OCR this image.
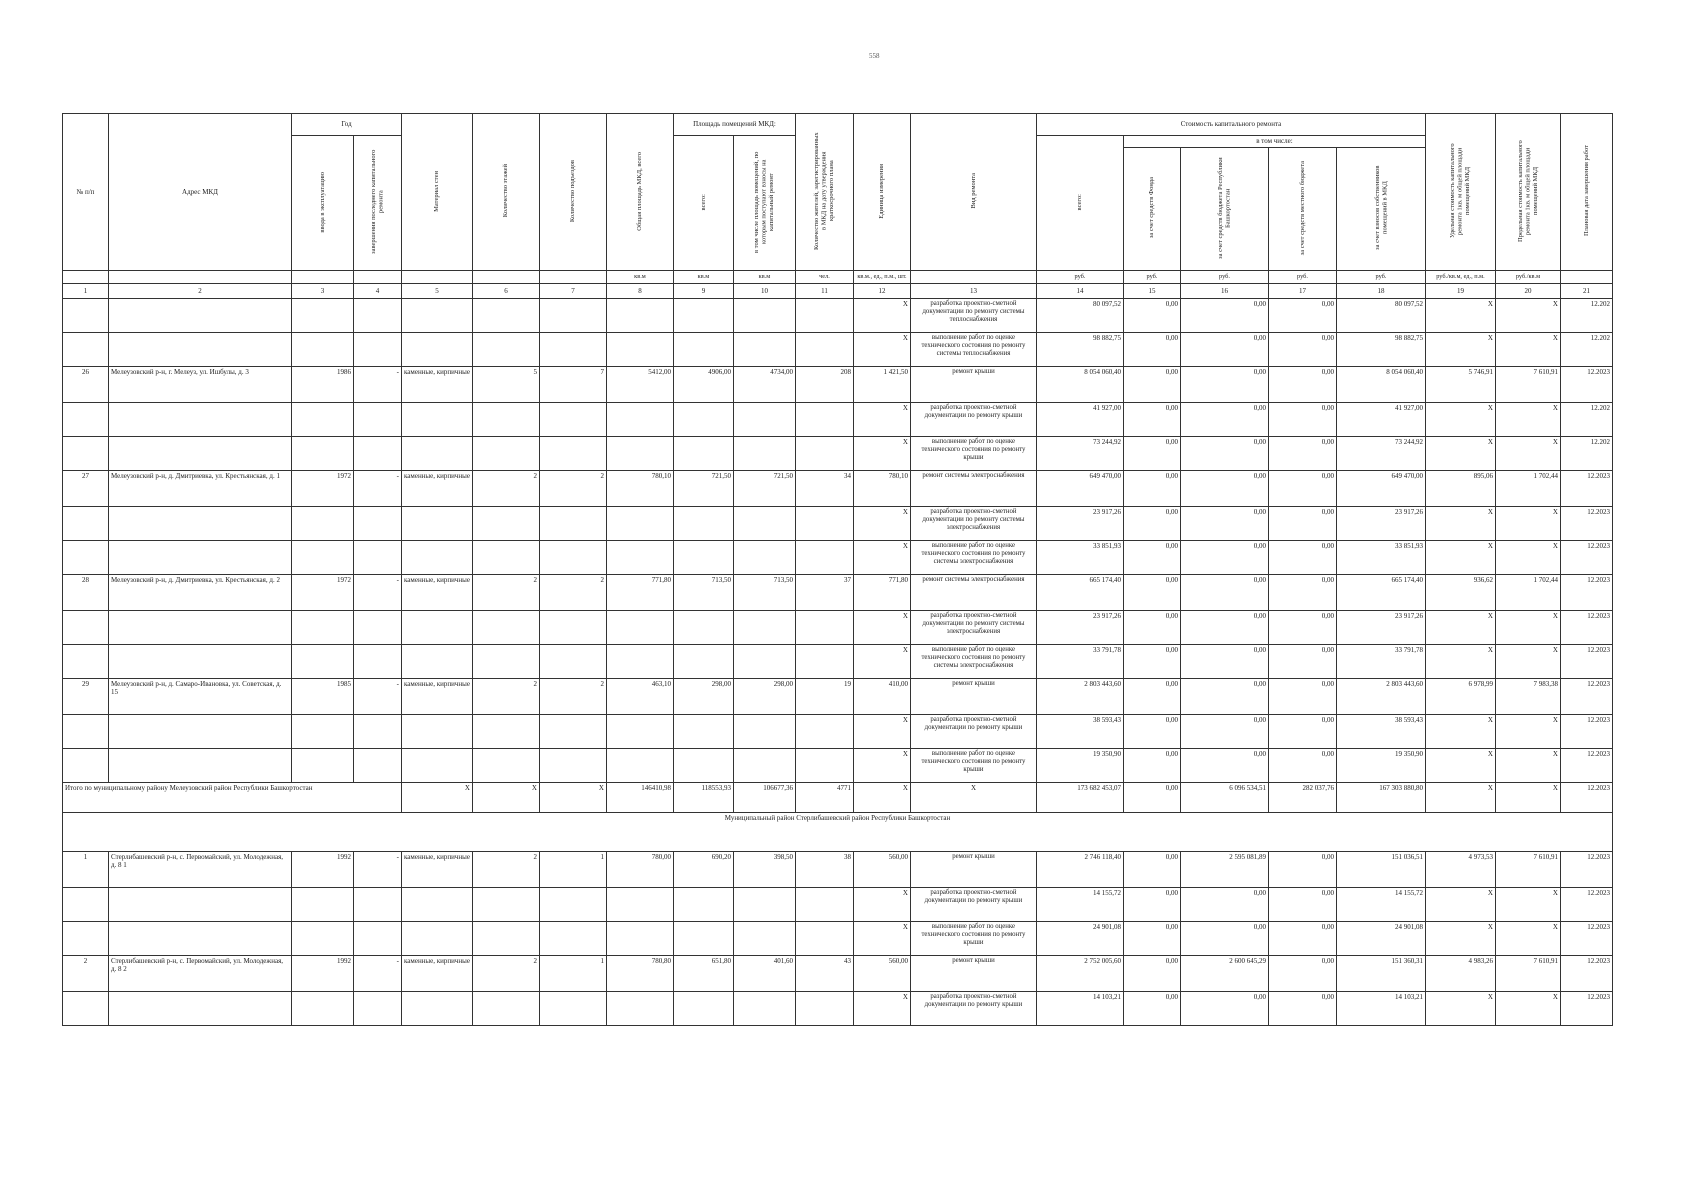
558
№ п/п	Адрес МКД	Год		Материал стен	Количество этажей	Количество подъездов	Общая площадь МКД, всего	Площадь помещений МКД:		Количество жителей, зарегистрированных в МКД на дату утверждения краткосрочного плана	Единица измерения	Вид ремонта	Стоимость капитального ремонта					Удельная стоимость капитального ремонта 1кв. м общей площади помещений МКД	Предельная стоимость капитального ремонта 1кв. м общей площади помещений МКД	Плановая дата завершения работ
		ввода в эксплуатацию	завершения последнего капитального ремонта					всего:	в том числе площадь помещений, по которым поступают взносы на капитальный ремонт				всего:	в том числе:						
														за счет средств Фонда	за счет средств бюджета Республики Башкортостан	за счет средств местного бюджета	за счет взносов собственников помещений в МКД			
							кв.м	кв.м	кв.м	чел.	кв.м., ед., п.м., шт.		руб.	руб.	руб.	руб.	руб.	руб./кв.м, ед., п.м.	руб./кв.м	
1	2	3	4	5	6	7	8	9	10	11	12	13	14	15	16	17	18	19	20	21
											X	разработка проектно-сметной документации по ремонту системы теплоснабжения	80 097,52	0,00	0,00	0,00	80 097,52	X	X	12.202
											X	выполнение работ по оценке технического состояния по ремонту системы теплоснабжения	98 882,75	0,00	0,00	0,00	98 882,75	X	X	12.202
26	Мелеузовский р-н, г. Мелеуз, ул. Ишбулы, д. 3	1986	-	каменные, кирпичные	5	7	5412,00	4906,00	4734,00	208	1 421,50	ремонт крыши	8 054 060,40	0,00	0,00	0,00	8 054 060,40	5 746,91	7 610,91	12.2023
											X	разработка проектно-сметной документации по ремонту крыши	41 927,00	0,00	0,00	0,00	41 927,00	X	X	12.202
											X	выполнение работ по оценке технического состояния по ремонту крыши	73 244,92	0,00	0,00	0,00	73 244,92	X	X	12.202
27	Мелеузовский р-н, д. Дмитриевка, ул. Крестьянская, д. 1	1972	-	каменные, кирпичные	2	2	780,10	721,50	721,50	34	780,10	ремонт системы электроснабжения	649 470,00	0,00	0,00	0,00	649 470,00	895,06	1 702,44	12.2023
											X	разработка проектно-сметной документации по ремонту системы электроснабжения	23 917,26	0,00	0,00	0,00	23 917,26	X	X	12.2023
											X	выполнение работ по оценке технического состояния по ремонту системы электроснабжения	33 851,93	0,00	0,00	0,00	33 851,93	X	X	12.2023
28	Мелеузовский р-н, д. Дмитриевка, ул. Крестьянская, д. 2	1972	-	каменные, кирпичные	2	2	771,80	713,50	713,50	37	771,80	ремонт системы электроснабжения	665 174,40	0,00	0,00	0,00	665 174,40	936,62	1 702,44	12.2023
											X	разработка проектно-сметной документации по ремонту системы электроснабжения	23 917,26	0,00	0,00	0,00	23 917,26	X	X	12.2023
											X	выполнение работ по оценке технического состояния по ремонту системы электроснабжения	33 791,78	0,00	0,00	0,00	33 791,78	X	X	12.2023
29	Мелеузовский р-н, д. Самаро-Ивановка, ул. Советская, д. 15	1985	-	каменные, кирпичные	2	2	463,10	298,00	298,00	19	410,00	ремонт крыши	2 803 443,60	0,00	0,00	0,00	2 803 443,60	6 978,99	7 983,38	12.2023
											X	разработка проектно-сметной документации по ремонту крыши	38 593,43	0,00	0,00	0,00	38 593,43	X	X	12.2023
											X	выполнение работ по оценке технического состояния по ремонту крыши	19 350,90	0,00	0,00	0,00	19 350,90	X	X	12.2023
Итого по муниципальному району Мелеузовский район Республики Башкортостан				X	X	X	146410,98	118553,93	106677,36	4771	X	X	173 682 453,07	0,00	6 096 534,51	282 037,76	167 303 880,80	X	X	12.2023
Муниципальный район Стерлибашевский район Республики Башкортостан																				
1	Стерлибашевский р-н, с. Первомайский, ул. Молодежная, д. 8 1	1992	-	каменные, кирпичные	2	1	780,00	690,20	398,50	38	560,00	ремонт крыши	2 746 118,40	0,00	2 595 081,89	0,00	151 036,51	4 973,53	7 610,91	12.2023
											X	разработка проектно-сметной документации по ремонту крыши	14 155,72	0,00	0,00	0,00	14 155,72	X	X	12.2023
											X	выполнение работ по оценке технического состояния по ремонту крыши	24 901,08	0,00	0,00	0,00	24 901,08	X	X	12.2023
2	Стерлибашевский р-н, с. Первомайский, ул. Молодежная, д. 8 2	1992	-	каменные, кирпичные	2	1	780,80	651,80	401,60	43	560,00	ремонт крыши	2 752 005,60	0,00	2 600 645,29	0,00	151 360,31	4 983,26	7 610,91	12.2023
											X	разработка проектно-сметной документации по ремонту крыши	14 103,21	0,00	0,00	0,00	14 103,21	X	X	12.2023
